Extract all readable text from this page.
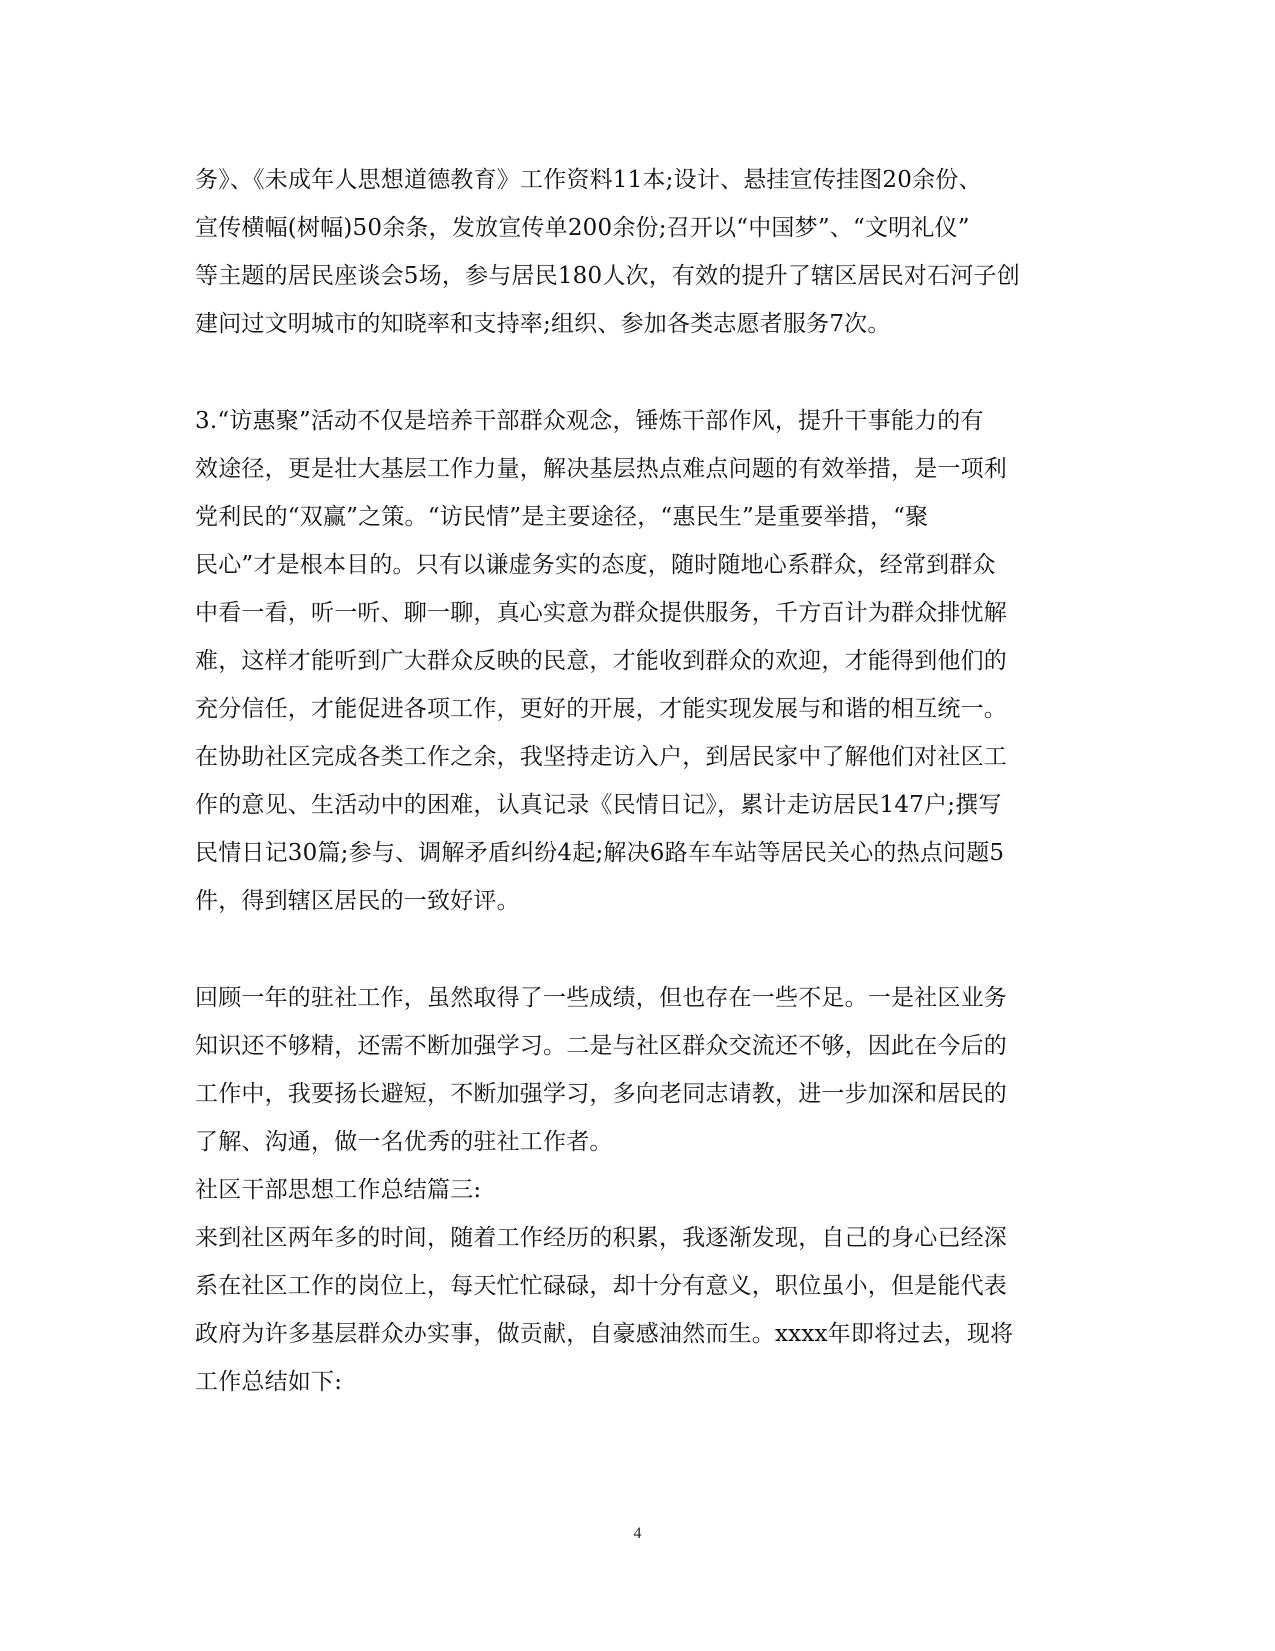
务》、《未成年人思想道德教育》工作资料11本;设计、悬挂宣传挂图20余份、
宣传横幅(树幅)50余条，发放宣传单200余份;召开以“中国梦”、“文明礼仪”
等主题的居民座谈会5场，参与居民180人次，有效的提升了辖区居民对石河子创
建问过文明城市的知晓率和支持率;组织、参加各类志愿者服务7次。
3.“访惠聚”活动不仅是培养干部群众观念，锤炼干部作风，提升干事能力的有
效途径，更是壮大基层工作力量，解决基层热点难点问题的有效举措，是一项利
党利民的“双赢”之策。“访民情”是主要途径，“惠民生”是重要举措，“聚
民心”才是根本目的。只有以谦虚务实的态度，随时随地心系群众，经常到群众
中看一看，听一听、聊一聊，真心实意为群众提供服务，千方百计为群众排忧解
难，这样才能听到广大群众反映的民意，才能收到群众的欢迎，才能得到他们的
充分信任，才能促进各项工作，更好的开展，才能实现发展与和谐的相互统一。
在协助社区完成各类工作之余，我坚持走访入户，到居民家中了解他们对社区工
作的意见、生活动中的困难，认真记录《民情日记》，累计走访居民147户;撰写
民情日记30篇;参与、调解矛盾纠纷4起;解决6路车车站等居民关心的热点问题5
件，得到辖区居民的一致好评。
回顾一年的驻社工作，虽然取得了一些成绩，但也存在一些不足。一是社区业务
知识还不够精，还需不断加强学习。二是与社区群众交流还不够，因此在今后的
工作中，我要扬长避短，不断加强学习，多向老同志请教，进一步加深和居民的
了解、沟通，做一名优秀的驻社工作者。
社区干部思想工作总结篇三:
来到社区两年多的时间，随着工作经历的积累，我逐渐发现，自己的身心已经深
系在社区工作的岗位上，每天忙忙碌碌，却十分有意义，职位虽小，但是能代表
政府为许多基层群众办实事，做贡献，自豪感油然而生。xxxx年即将过去，现将
工作总结如下:
4
